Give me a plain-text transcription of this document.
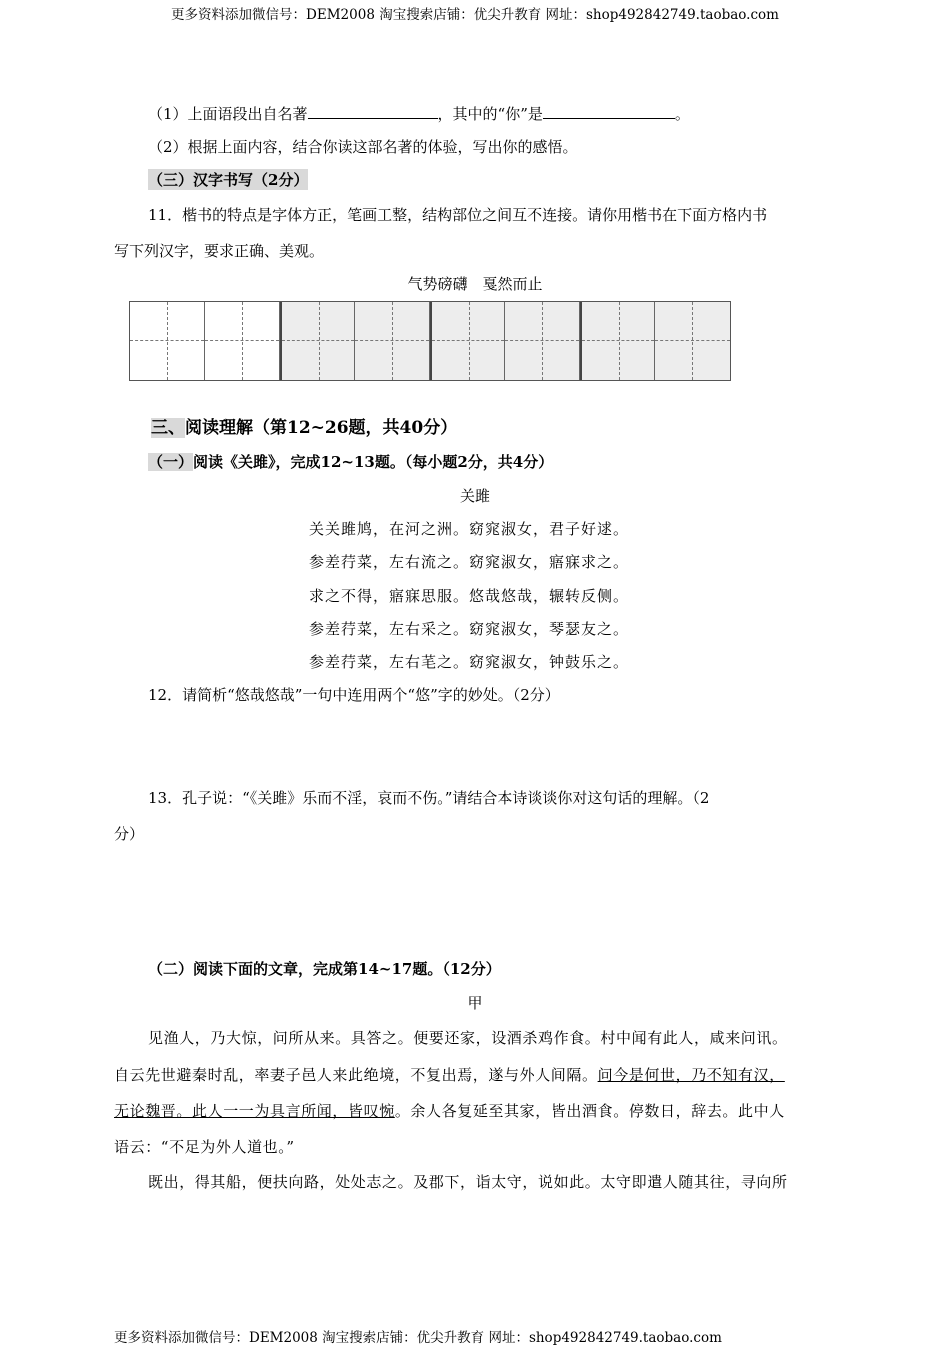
更多资料添加微信号：DEM2008 淘宝搜索店铺：优尖升教育 网址：shop492842749.taobao.com
（1）上面语段出自名著	，其中的“你”是	。
（2）根据上面内容，结合你读这部名著的体验，写出你的感悟。
（三）汉字书写（2分）
11．楷书的特点是字体方正，笔画工整，结构部位之间互不连接。请你用楷书在下面方格内书
写下列汉字，要求正确、美观。
气势磅礴　戛然而止
三、阅读理解（第12~26题，共40分）
（一）阅读《关雎》，完成12~13题。（每小题2分，共4分）
关雎
关关雎鸠，在河之洲。窈窕淑女，君子好逑。
参差荇菜，左右流之。窈窕淑女，寤寐求之。
求之不得，寤寐思服。悠哉悠哉，辗转反侧。
参差荇菜，左右采之。窈窕淑女，琴瑟友之。
参差荇菜，左右芼之。窈窕淑女，钟鼓乐之。
12．请简析“悠哉悠哉”一句中连用两个“悠”字的妙处。（2分）
13．孔子说：“《关雎》乐而不淫，哀而不伤。”请结合本诗谈谈你对这句话的理解。（2
分）
（二）阅读下面的文章，完成第14~17题。（12分）
甲
见渔人，乃大惊，问所从来。具答之。便要还家，设酒杀鸡作食。村中闻有此人，咸来问讯。
自云先世避秦时乱，率妻子邑人来此绝境，不复出焉，遂与外人间隔。问今是何世，乃不知有汉，
无论魏晋。此人一一为具言所闻，皆叹惋。余人各复延至其家，皆出酒食。停数日，辞去。此中人
语云：“不足为外人道也。”
既出，得其船，便扶向路，处处志之。及郡下，诣太守，说如此。太守即遣人随其往，寻向所
更多资料添加微信号：DEM2008 淘宝搜索店铺：优尖升教育 网址：shop492842749.taobao.com
